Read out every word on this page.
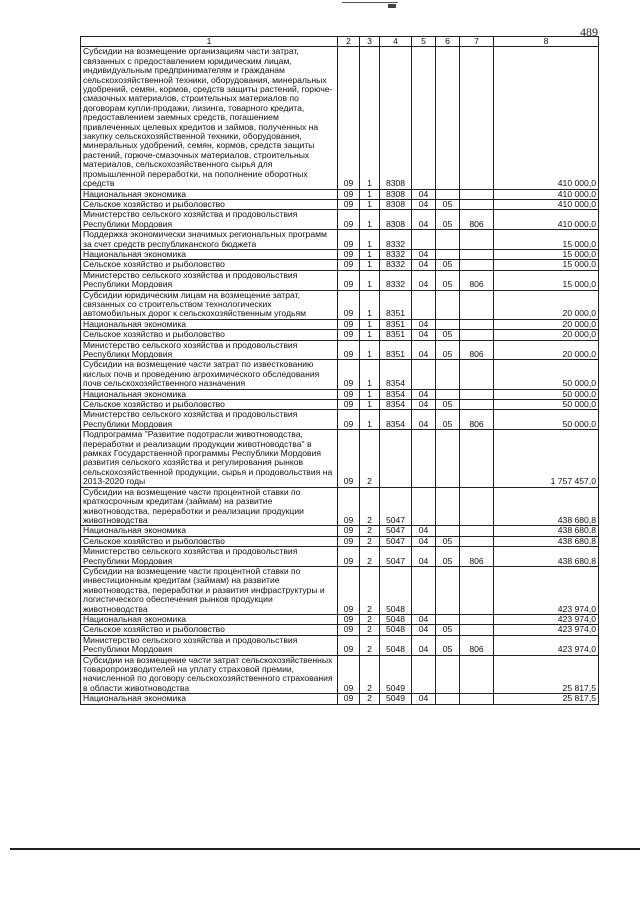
489
1	2	3	4	5	6	7	8
Субсидии на возмещение организациям части затрат, связанных с предоставлением юридическим лицам, индивидуальным предпринимателям и гражданам сельскохозяйственной техники, оборудования, минеральных удобрений, семян, кормов, средств защиты растений, горюче-смазочных материалов, строительных материалов по договорам купли-продажи, лизинга, товарного кредита, предоставлением заемных средств, погашением привлеченных целевых кредитов и займов, полученных на закупку сельскохозяйственной техники, оборудования, минеральных удобрений, семян, кормов, средств защиты растений, горюче-смазочных материалов, строительных материалов, сельскохозяйственного сырья для промышленной переработки, на пополнение оборотных средств	09	1	8308				410 000,0
Национальная экономика	09	1	8308	04			410 000,0
Сельское хозяйство и рыболовство	09	1	8308	04	05		410 000,0
Министерство сельского хозяйства и продовольствия Республики Мордовия	09	1	8308	04	05	806	410 000,0
Поддержка экономически значимых региональных программ за счет средств республиканского бюджета	09	1	8332				15 000,0
Национальная экономика	09	1	8332	04			15 000,0
Сельское хозяйство и рыболовство	09	1	8332	04	05		15 000,0
Министерство сельского хозяйства и продовольствия Республики Мордовия	09	1	8332	04	05	806	15 000,0
Субсидии юридическим лицам на возмещение затрат, связанных со строительством технологических автомобильных дорог к сельскохозяйственным угодьям	09	1	8351				20 000,0
Национальная экономика	09	1	8351	04			20 000,0
Сельское хозяйство и рыболовство	09	1	8351	04	05		20 000,0
Министерство сельского хозяйства и продовольствия Республики Мордовия	09	1	8351	04	05	806	20 000,0
Субсидии на возмещение части затрат по известкованию кислых почв и проведению агрохимического обследования почв сельскохозяйственного назначения	09	1	8354				50 000,0
Национальная экономика	09	1	8354	04			50 000,0
Сельское хозяйство и рыболовство	09	1	8354	04	05		50 000,0
Министерство сельского хозяйства и продовольствия Республики Мордовия	09	1	8354	04	05	806	50 000,0
Подпрограмма "Развитие подотрасли животноводства, переработки и реализации продукции животноводства" в рамках Государственной программы Республики Мордовия развития сельского хозяйства и регулирования рынков сельскохозяйственной продукции, сырья и продовольствия на 2013-2020 годы	09	2					1 757 457,0
Субсидии на возмещение части процентной ставки по краткосрочным кредитам (займам) на развитие животноводства, переработки и реализации продукции животноводства	09	2	5047				438 680,8
Национальная экономика	09	2	5047	04			438 680,8
Сельское хозяйство и рыболовство	09	2	5047	04	05		438 680,8
Министерство сельского хозяйства и продовольствия Республики Мордовия	09	2	5047	04	05	806	438 680,8
Субсидии на возмещение части процентной ставки по инвестиционным кредитам (займам) на развитие животноводства, переработки и развития инфраструктуры и логистического обеспечения рынков продукции животноводства	09	2	5048				423 974,0
Национальная экономика	09	2	5048	04			423 974,0
Сельское хозяйство и рыболовство	09	2	5048	04	05		423 974,0
Министерство сельского хозяйства и продовольствия Республики Мордовия	09	2	5048	04	05	806	423 974,0
Субсидии на возмещение части затрат сельскохозяйственных товаропроизводителей на уплату страховой премии, начисленной по договору сельскохозяйственного страхования в области животноводства	09	2	5049				25 817,5
Национальная экономика	09	2	5049	04			25 817,5
